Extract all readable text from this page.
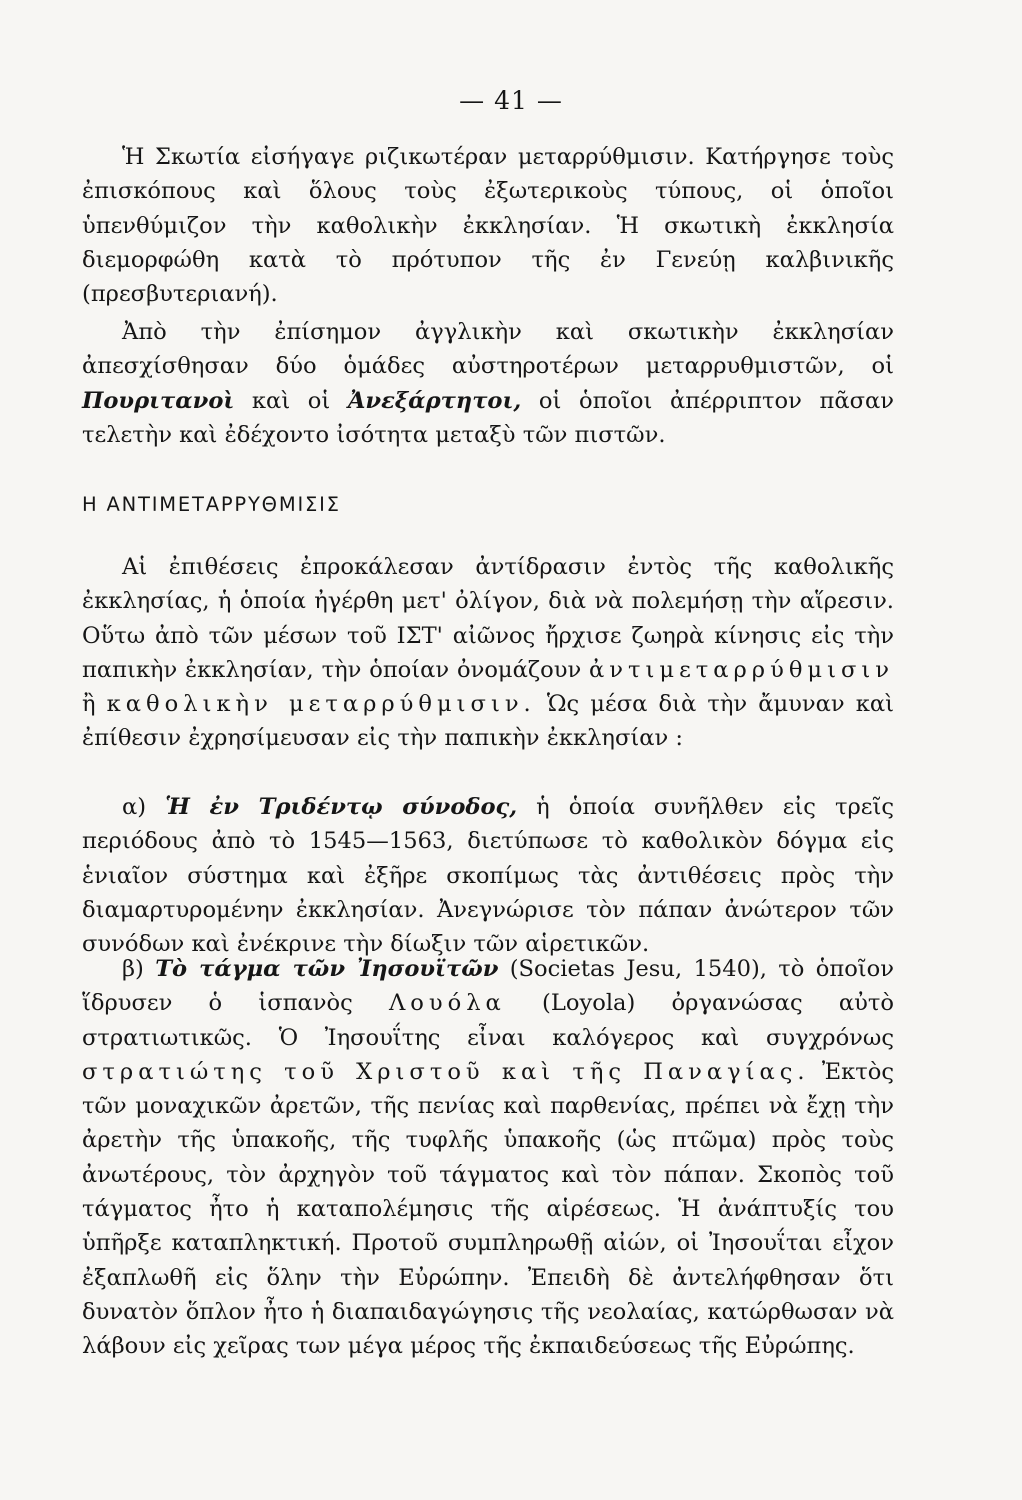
— 41 —

Ἡ Σκωτία εἰσήγαγε ριζικωτέραν μεταρρύθμισιν. Κατήργησε τοὺς ἐπισκόπους καὶ ὅλους τοὺς ἐξωτερικοὺς τύπους, οἱ ὁποῖοι ὑπενθύμιζον τὴν καθολικὴν ἐκκλησίαν. Ἡ σκωτικὴ ἐκκλησία διεμορφώθη κατὰ τὸ πρότυπον τῆς ἐν Γενεύῃ καλβινικῆς (πρεσβυτεριανή).

Ἀπὸ τὴν ἐπίσημον ἀγγλικὴν καὶ σκωτικὴν ἐκκλησίαν ἀπεσχίσθησαν δύο ὁμάδες αὐστηροτέρων μεταρρυθμιστῶν, οἱ Πουριτανοὶ καὶ οἱ Ἀνεξάρτητοι, οἱ ὁποῖοι ἀπέρριπτον πᾶσαν τελετὴν καὶ ἐδέχοντο ἰσότητα μεταξὺ τῶν πιστῶν.

Η ΑΝΤΙΜΕΤΑΡΡΥΘΜΙΣΙΣ

Αἱ ἐπιθέσεις ἐπροκάλεσαν ἀντίδρασιν ἐντὸς τῆς καθολικῆς ἐκκλησίας, ἡ ὁποία ἠγέρθη μετ' ὀλίγον, διὰ νὰ πολεμήσῃ τὴν αἵρεσιν. Οὕτω ἀπὸ τῶν μέσων τοῦ ΙΣΤ' αἰῶνος ἤρχισε ζωηρὰ κίνησις εἰς τὴν παπικὴν ἐκκλησίαν, τὴν ὁποίαν ὀνομάζουν ἀντιμεταρρύθμισιν ἢ καθολικὴν μεταρρύθμισιν. Ὡς μέσα διὰ τὴν ἄμυναν καὶ ἐπίθεσιν ἐχρησίμευσαν εἰς τὴν παπικὴν ἐκκλησίαν :

α) Ἡ ἐν Τριδέντῳ σύνοδος, ἡ ὁποία συνῆλθεν εἰς τρεῖς περιόδους ἀπὸ τὸ 1545—1563, διετύπωσε τὸ καθολικὸν δόγμα εἰς ἑνιαῖον σύστημα καὶ ἐξῆρε σκοπίμως τὰς ἀντιθέσεις πρὸς τὴν διαμαρτυρομένην ἐκκλησίαν. Ἀνεγνώρισε τὸν πάπαν ἀνώτερον τῶν συνόδων καὶ ἐνέκρινε τὴν δίωξιν τῶν αἱρετικῶν.

β) Τὸ τάγμα τῶν Ἰησουϊτῶν (Societas Jesu, 1540), τὸ ὁποῖον ἵδρυσεν ὁ ἱσπανὸς Λουόλα (Loyola) ὀργανώσας αὐτὸ στρατιωτικῶς. Ὁ Ἰησουΐτης εἶναι καλόγερος καὶ συγχρόνως στρατιώτης τοῦ Χριστοῦ καὶ τῆς Παναγίας. Ἐκτὸς τῶν μοναχικῶν ἀρετῶν, τῆς πενίας καὶ παρθενίας, πρέπει νὰ ἔχῃ τὴν ἀρετὴν τῆς ὑπακοῆς, τῆς τυφλῆς ὑπακοῆς (ὡς πτῶμα) πρὸς τοὺς ἀνωτέρους, τὸν ἀρχηγὸν τοῦ τάγματος καὶ τὸν πάπαν. Σκοπὸς τοῦ τάγματος ἦτο ἡ καταπολέμησις τῆς αἱρέσεως. Ἡ ἀνάπτυξίς του ὑπῆρξε καταπληκτική. Προτοῦ συμπληρωθῇ αἰών, οἱ Ἰησουΐται εἶχον ἐξαπλωθῆ εἰς ὅλην τὴν Εὐρώπην. Ἐπειδὴ δὲ ἀντελήφθησαν ὅτι δυνατὸν ὅπλον ἦτο ἡ διαπαιδαγώγησις τῆς νεολαίας, κατώρθωσαν νὰ λάβουν εἰς χεῖρας των μέγα μέρος τῆς ἐκπαιδεύσεως τῆς Εὐρώπης.
